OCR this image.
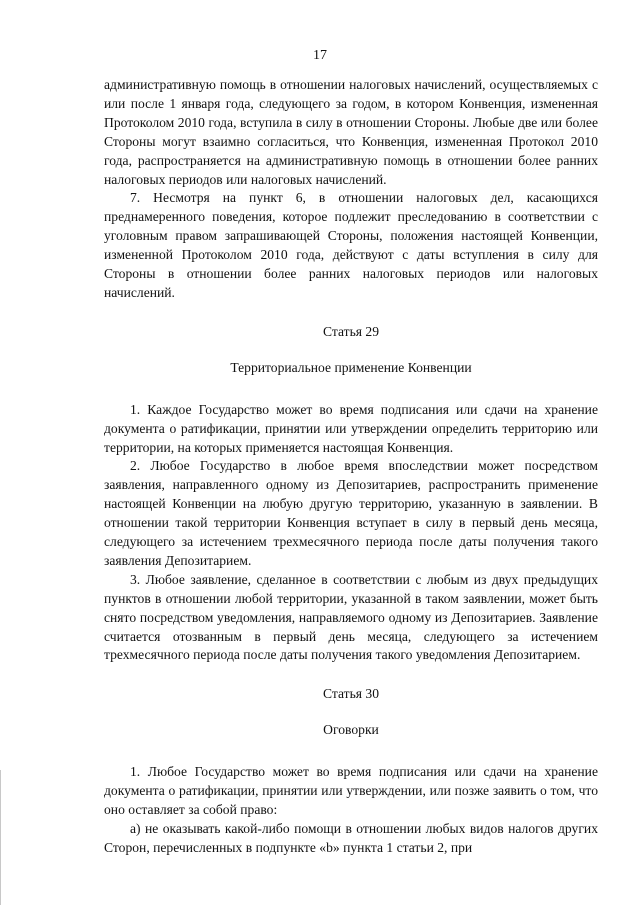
17

административную помощь в отношении налоговых начислений, осуществляемых с или после 1 января года, следующего за годом, в котором Конвенция, измененная Протоколом 2010 года, вступила в силу в отношении Стороны. Любые две или более Стороны могут взаимно согласиться, что Конвенция, измененная Протокол 2010 года, распространяется на административную помощь в отношении более ранних налоговых периодов или налоговых начислений.

7. Несмотря на пункт 6, в отношении налоговых дел, касающихся преднамеренного поведения, которое подлежит преследованию в соответствии с уголовным правом запрашивающей Стороны, положения настоящей Конвенции, измененной Протоколом 2010 года, действуют с даты вступления в силу для Стороны в отношении более ранних налоговых периодов или налоговых начислений.

Статья 29
Территориальное применение Конвенции

1. Каждое Государство может во время подписания или сдачи на хранение документа о ратификации, принятии или утверждении определить территорию или территории, на которых применяется настоящая Конвенция.

2. Любое Государство в любое время впоследствии может посредством заявления, направленного одному из Депозитариев, распространить применение настоящей Конвенции на любую другую территорию, указанную в заявлении. В отношении такой территории Конвенция вступает в силу в первый день месяца, следующего за истечением трехмесячного периода после даты получения такого заявления Депозитарием.

3. Любое заявление, сделанное в соответствии с любым из двух предыдущих пунктов в отношении любой территории, указанной в таком заявлении, может быть снято посредством уведомления, направляемого одному из Депозитариев. Заявление считается отозванным в первый день месяца, следующего за истечением трехмесячного периода после даты получения такого уведомления Депозитарием.

Статья 30
Оговорки

1. Любое Государство может во время подписания или сдачи на хранение документа о ратификации, принятии или утверждении, или позже заявить о том, что оно оставляет за собой право:

а) не оказывать какой-либо помощи в отношении любых видов налогов других Сторон, перечисленных в подпункте «b» пункта 1 статьи 2, при
